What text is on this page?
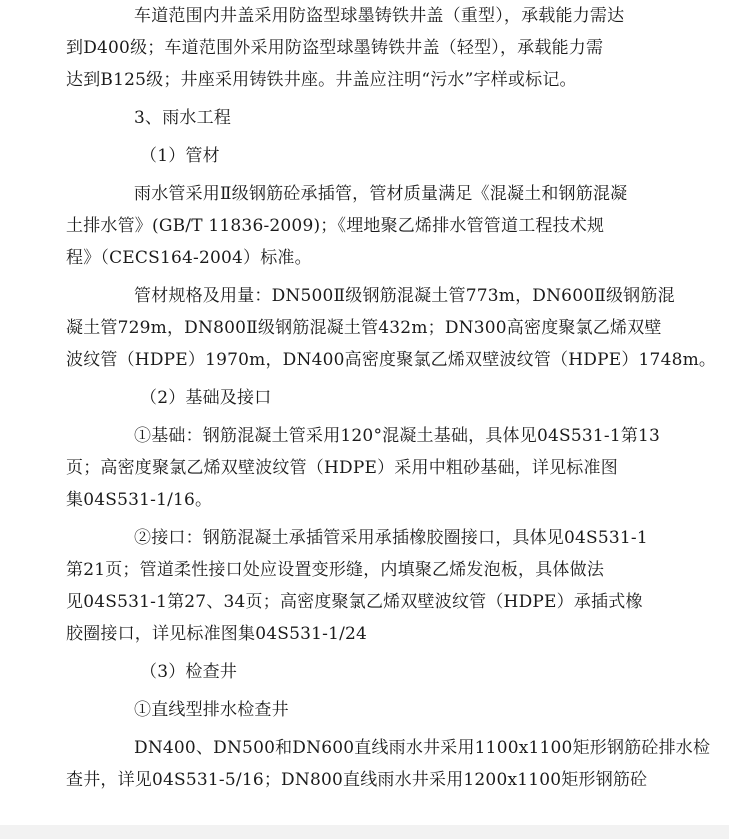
车道范围内井盖采用防盗型球墨铸铁井盖（重型），承载能力需达
到D400级；车道范围外采用防盗型球墨铸铁井盖（轻型），承载能力需
达到B125级；井座采用铸铁井座。井盖应注明“污水”字样或标记。
3、雨水工程
（1）管材
雨水管采用Ⅱ级钢筋砼承插管，管材质量满足《混凝土和钢筋混凝
土排水管》(GB/T 11836-2009)；《埋地聚乙烯排水管管道工程技术规
程》（CECS164-2004）标准。
管材规格及用量：DN500Ⅱ级钢筋混凝土管773m，DN600Ⅱ级钢筋混
凝土管729m，DN800Ⅱ级钢筋混凝土管432m；DN300高密度聚氯乙烯双壁
波纹管（HDPE）1970m，DN400高密度聚氯乙烯双壁波纹管（HDPE）1748m。
（2）基础及接口
①基础：钢筋混凝土管采用120°混凝土基础，具体见04S531-1第13
页；高密度聚氯乙烯双壁波纹管（HDPE）采用中粗砂基础，详见标准图
集04S531-1/16。
②接口：钢筋混凝土承插管采用承插橡胶圈接口，具体见04S531-1
第21页；管道柔性接口处应设置变形缝，内填聚乙烯发泡板，具体做法
见04S531-1第27、34页；高密度聚氯乙烯双壁波纹管（HDPE）承插式橡
胶圈接口，详见标准图集04S531-1/24
（3）检查井
①直线型排水检查井
DN400、DN500和DN600直线雨水井采用1100x1100矩形钢筋砼排水检
查井，详见04S531-5/16；DN800直线雨水井采用1200x1100矩形钢筋砼
